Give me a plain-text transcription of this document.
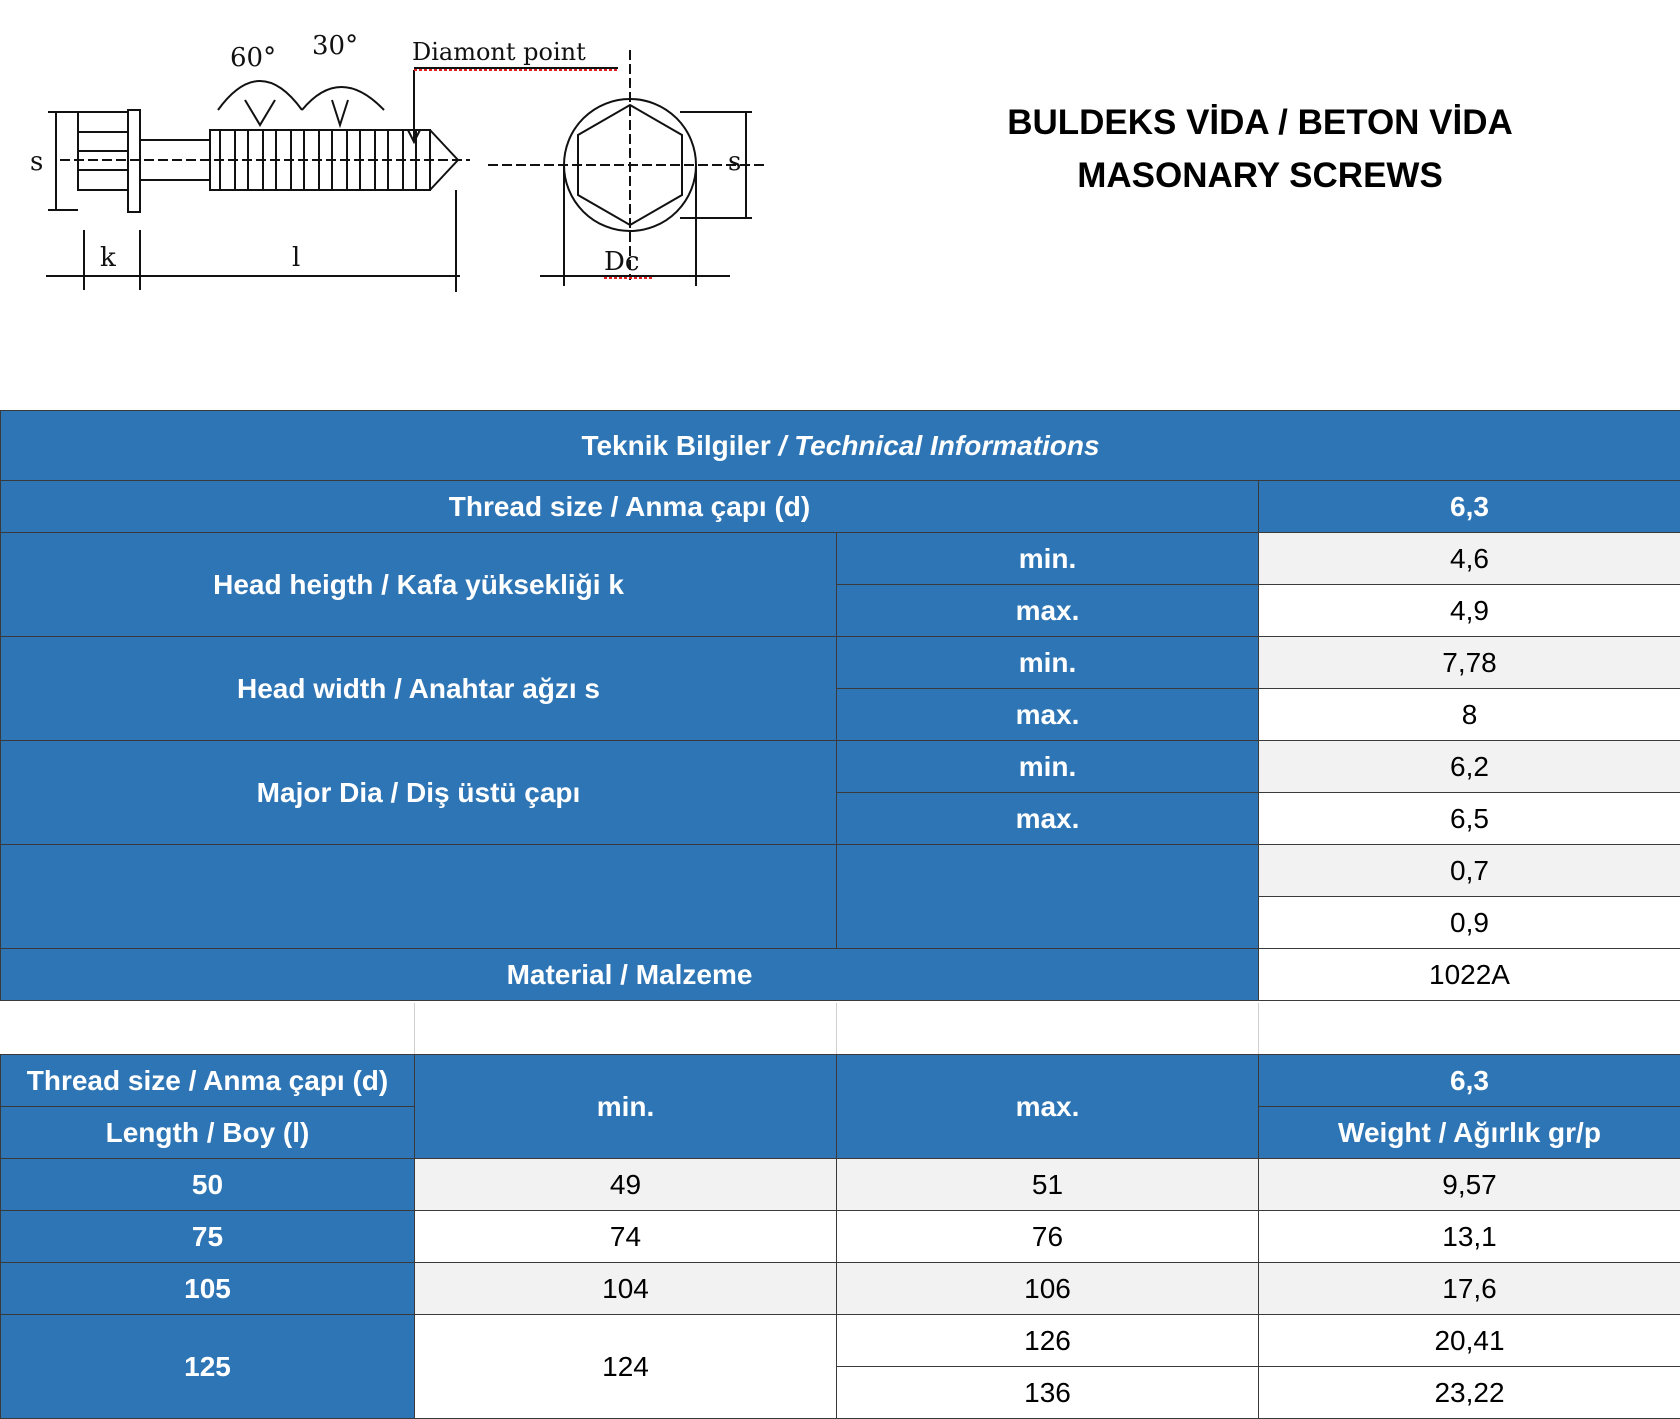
60° 30° Diamont point
s
k	l
s
Dc
BULDEKS VİDA / BETON VİDA
MASONARY SCREWS
Teknik Bilgiler / Technical Informations		
Thread size / Anma çapı (d)		6,3
Head heigth / Kafa yüksekliği k	min.	4,6
	max.	4,9
Head width / Anahtar ağzı s	min.	7,78
	max.	8
Major Dia / Diş üstü çapı	min.	6,2
	max.	6,5
		0,7
		0,9
Material / Malzeme		1022A
Thread size / Anma çapı (d)	min.	max.	6,3
Length / Boy (l)			Weight / Ağırlık gr/p
50	49	51	9,57
75	74	76	13,1
105	104	106	17,6
125	124	126	20,41
		136	23,22
